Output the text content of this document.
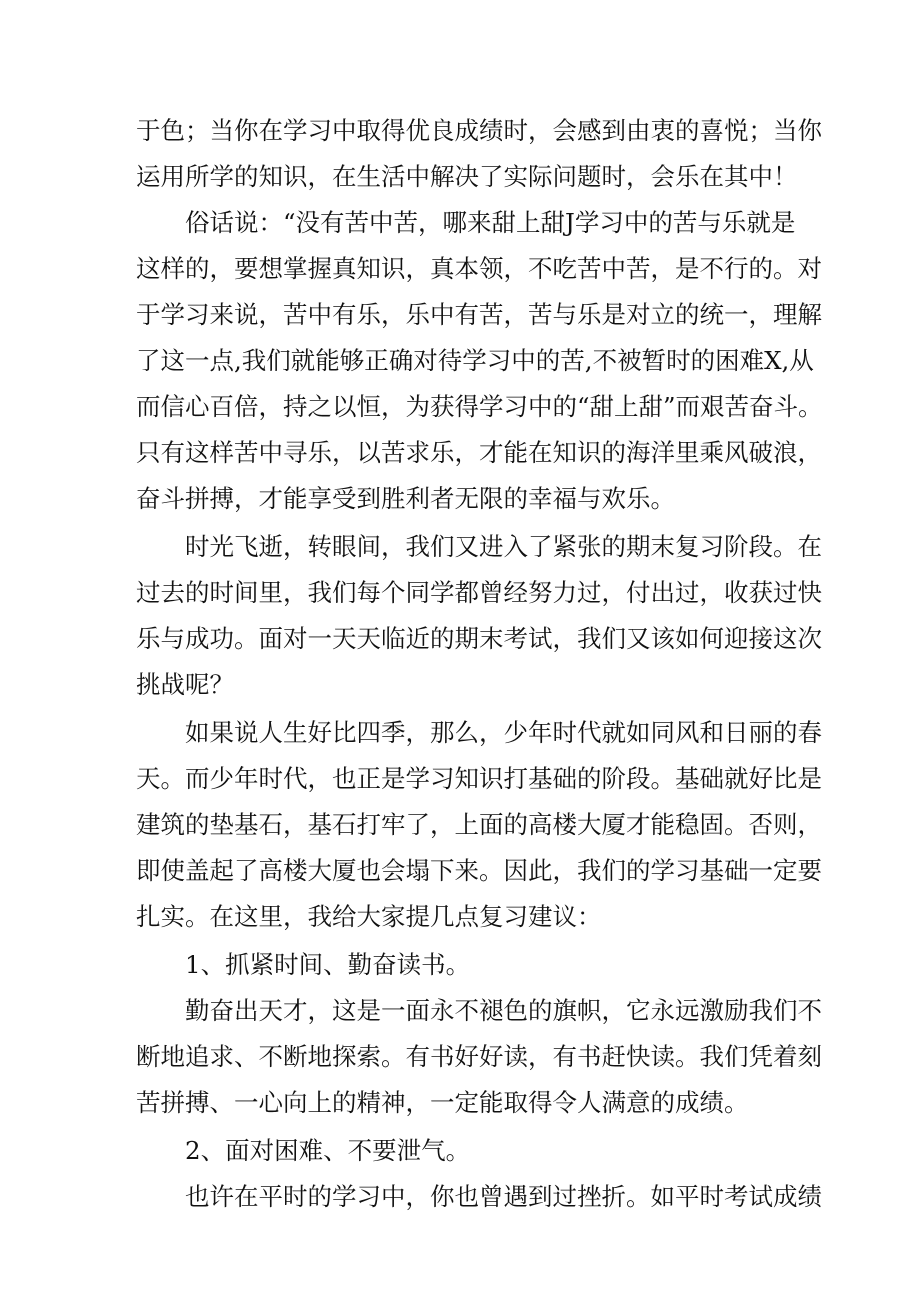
于色；当你在学习中取得优良成绩时，会感到由衷的喜悦；当你
运用所学的知识，在生活中解决了实际问题时，会乐在其中！
俗话说：“没有苦中苦，哪来甜上甜J学习中的苦与乐就是
这样的，要想掌握真知识，真本领，不吃苦中苦，是不行的。对
于学习来说，苦中有乐，乐中有苦，苦与乐是对立的统一，理解
了这一点,我们就能够正确对待学习中的苦,不被暂时的困难X,从
而信心百倍，持之以恒，为获得学习中的“甜上甜”而艰苦奋斗。
只有这样苦中寻乐，以苦求乐，才能在知识的海洋里乘风破浪，
奋斗拼搏，才能享受到胜利者无限的幸福与欢乐。
时光飞逝，转眼间，我们又进入了紧张的期末复习阶段。在
过去的时间里，我们每个同学都曾经努力过，付出过，收获过快
乐与成功。面对一天天临近的期末考试，我们又该如何迎接这次
挑战呢？
如果说人生好比四季，那么，少年时代就如同风和日丽的春
天。而少年时代，也正是学习知识打基础的阶段。基础就好比是
建筑的垫基石，基石打牢了，上面的高楼大厦才能稳固。否则，
即使盖起了高楼大厦也会塌下来。因此，我们的学习基础一定要
扎实。在这里，我给大家提几点复习建议：
1、抓紧时间、勤奋读书。
勤奋出天才，这是一面永不褪色的旗帜，它永远激励我们不
断地追求、不断地探索。有书好好读，有书赶快读。我们凭着刻
苦拼搏、一心向上的精神，一定能取得令人满意的成绩。
2、面对困难、不要泄气。
也许在平时的学习中，你也曾遇到过挫折。如平时考试成绩
